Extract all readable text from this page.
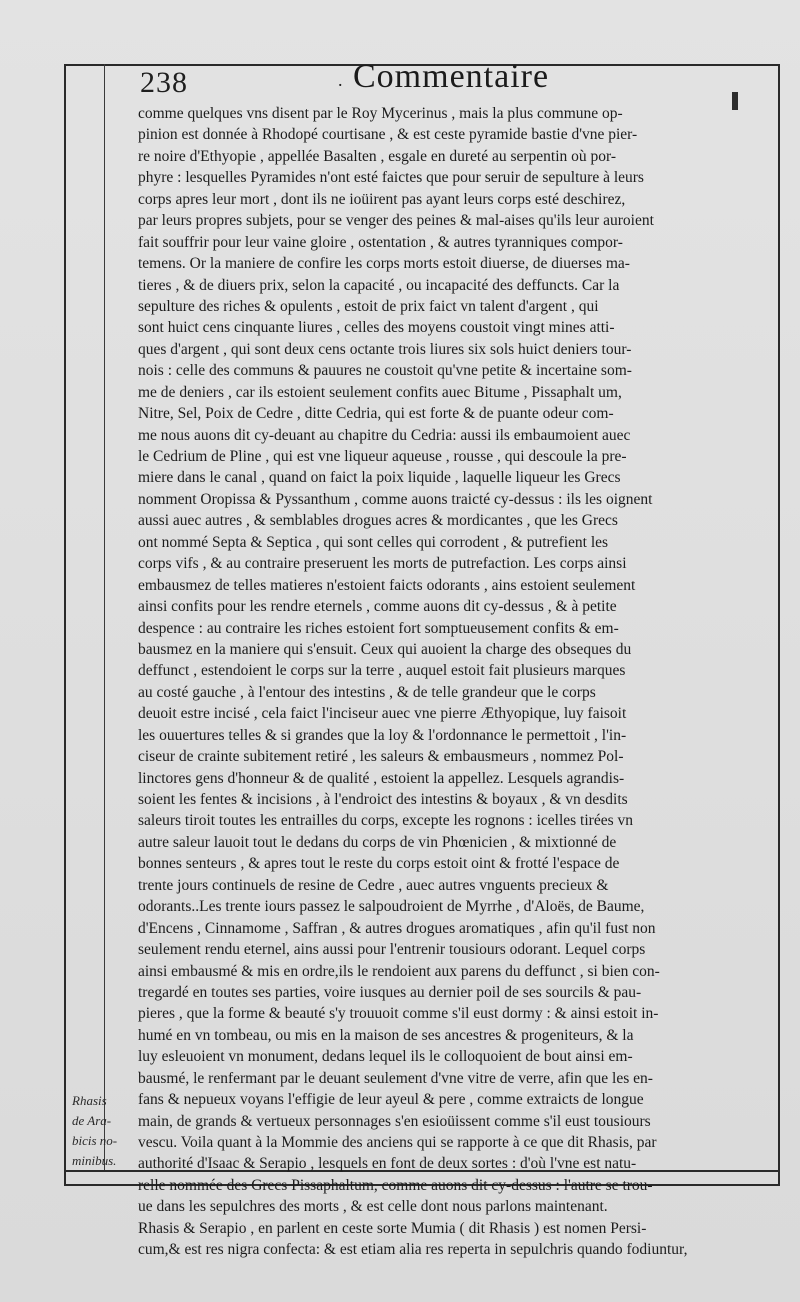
238	. Commentaire
comme quelques vns disent par le Roy Mycerinus , mais la plus commune op-
pinion est donnée à Rhodopé courtisane , & est ceste pyramide bastie d'vne pier-
re noire d'Ethyopie , appellée Basalten , esgale en dureté au serpentin où por-
phyre : lesquelles Pyramides n'ont esté faictes que pour seruir de sepulture à leurs
corps apres leur mort , dont ils ne ioüirent pas ayant leurs corps esté deschirez,
par leurs propres subjets, pour se venger des peines & mal-aises qu'ils leur auroient
fait souffrir pour leur vaine gloire , ostentation , & autres tyranniques compor-
temens. Or la maniere de confire les corps morts estoit diuerse, de diuerses ma-
tieres , & de diuers prix, selon la capacité , ou incapacité des deffuncts. Car la
sepulture des riches & opulents , estoit de prix faict vn talent d'argent , qui
sont huict cens cinquante liures , celles des moyens coustoit vingt mines atti-
ques d'argent , qui sont deux cens octante trois liures six sols huict deniers tour-
nois : celle des communs & pauures ne coustoit qu'vne petite & incertaine som-
me de deniers , car ils estoient seulement confits auec Bitume , Pissaphalt um,
Nitre, Sel, Poix de Cedre , ditte Cedria, qui est forte & de puante odeur com-
me nous auons dit cy-deuant au chapitre du Cedria: aussi ils embaumoient auec
le Cedrium de Pline , qui est vne liqueur aqueuse , rousse , qui descoule la pre-
miere dans le canal , quand on faict la poix liquide , laquelle liqueur les Grecs
nomment Oropissa & Pyssanthum , comme auons traicté cy-dessus : ils les oignent
aussi auec autres , & semblables drogues acres & mordicantes , que les Grecs
ont nommé Septa & Septica , qui sont celles qui corrodent , & putrefient les
corps vifs , & au contraire preseruent les morts de putrefaction. Les corps ainsi
embausmez de telles matieres n'estoient faicts odorants , ains estoient seulement
ainsi confits pour les rendre eternels , comme auons dit cy-dessus , & à petite
despence : au contraire les riches estoient fort somptueusement confits & em-
bausmez en la maniere qui s'ensuit. Ceux qui auoient la charge des obseques du
deffunct , estendoient le corps sur la terre , auquel estoit fait plusieurs marques
au costé gauche , à l'entour des intestins , & de telle grandeur que le corps
deuoit estre incisé , cela faict l'inciseur auec vne pierre Æthyopique, luy faisoit
les ouuertures telles & si grandes que la loy & l'ordonnance le permettoit , l'in-
ciseur de crainte subitement retiré , les saleurs & embausmeurs , nommez Pol-
linctores gens d'honneur & de qualité , estoient la appellez. Lesquels agrandis-
soient les fentes & incisions , à l'endroict des intestins & boyaux , & vn desdits
saleurs tiroit toutes les entrailles du corps, excepte les rognons : icelles tirées vn
autre saleur lauoit tout le dedans du corps de vin Phœnicien , & mixtionné de
bonnes senteurs , & apres tout le reste du corps estoit oint & frotté l'espace de
trente jours continuels de resine de Cedre , auec autres vnguents precieux &
odorants..Les trente iours passez le salpoudroient de Myrrhe , d'Aloës, de Baume,
d'Encens , Cinnamome , Saffran , & autres drogues aromatiques , afin qu'il fust non
seulement rendu eternel, ains aussi pour l'entrenir tousiours odorant. Lequel corps
ainsi embausmé & mis en ordre,ils le rendoient aux parens du deffunct , si bien con-
tregardé en toutes ses parties, voire iusques au dernier poil de ses sourcils & pau-
pieres , que la forme & beauté s'y trouuoit comme s'il eust dormy : & ainsi estoit in-
humé en vn tombeau, ou mis en la maison de ses ancestres & progeniteurs, & la
luy esleuoient vn monument, dedans lequel ils le colloquoient de bout ainsi em-
bausmé, le renfermant par le deuant seulement d'vne vitre de verre, afin que les en-
fans & nepueux voyans l'effigie de leur ayeul & pere , comme extraicts de longue
main, de grands & vertueux personnages s'en esioüissent comme s'il eust tousiours
vescu. Voila quant à la Mommie des anciens qui se rapporte à ce que dit Rhasis, par
authorité d'Isaac & Serapio , lesquels en font de deux sortes : d'où l'vne est natu-
relle nommée des Grecs Pissaphaltum, comme auons dit cy-dessus : l'autre se trou-
ue dans les sepulchres des morts , & est celle dont nous parlons maintenant.
Rhasis & Serapio , en parlent en ceste sorte Mumia ( dit Rhasis ) est nomen Persi-
cum,& est res nigra confecta: & est etiam alia res reperta in sepulchris quando fodiuntur,
Rhasis
de Ara-
bicis no-
minibus.
